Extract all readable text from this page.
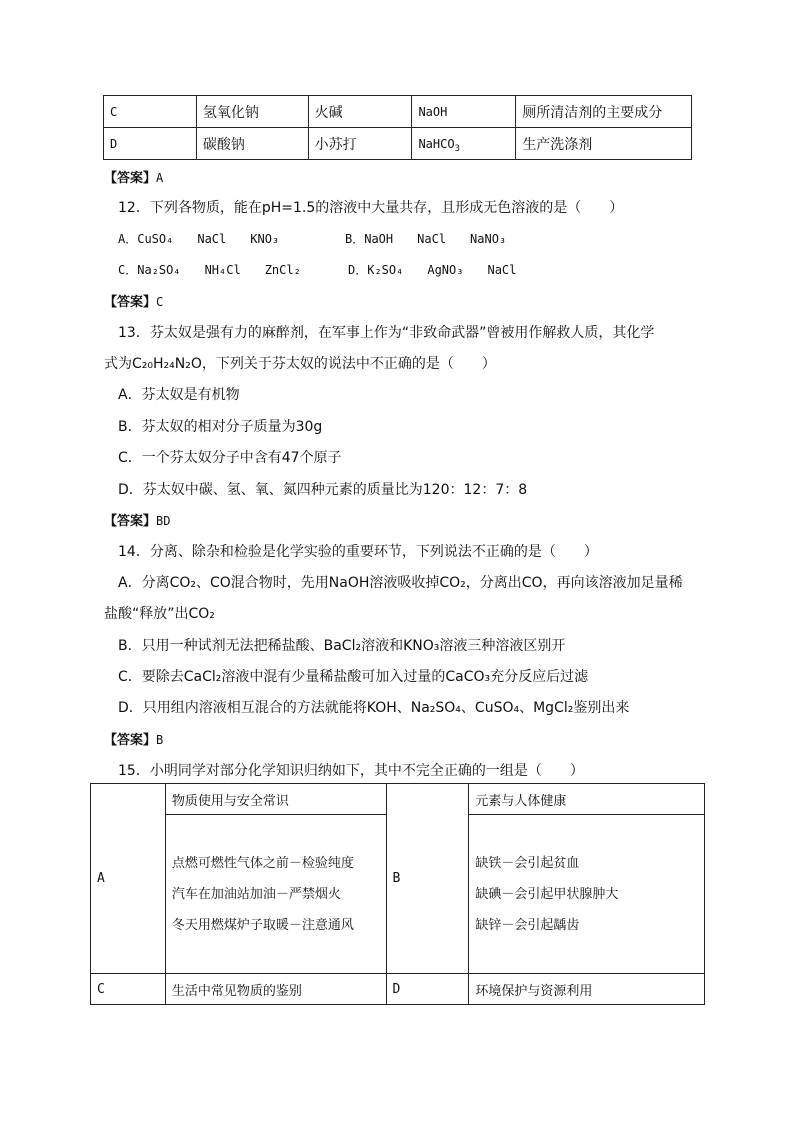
C	氢氧化钠	火碱	NaOH	厕所清洁剂的主要成分
D	碳酸钠	小苏打	NaHCO$_3$	生产洗涤剂
【答案】A
12．下列各物质，能在pH=1.5的溶液中大量共存，且形成无色溶液的是（　　）
A．CuSO₄　　NaCl　　KNO₃	B．NaOH　　NaCl　　NaNO₃
C．Na₂SO₄　　NH₄Cl　　ZnCl₂	D．K₂SO₄　　AgNO₃　　NaCl
【答案】C
13．芬太奴是强有力的麻醉剂，在军事上作为“非致命武器”曾被用作解救人质，其化学
式为C₂₀H₂₄N₂O，下列关于芬太奴的说法中不正确的是（　　）
A．芬太奴是有机物
B．芬太奴的相对分子质量为30g
C．一个芬太奴分子中含有47个原子
D．芬太奴中碳、氢、氧、氮四种元素的质量比为120：12：7：8
【答案】BD
14．分离、除杂和检验是化学实验的重要环节，下列说法不正确的是（　　）
A．分离CO₂、CO混合物时，先用NaOH溶液吸收掉CO₂，分离出CO，再向该溶液加足量稀
盐酸“释放”出CO₂
B．只用一种试剂无法把稀盐酸、BaCl₂溶液和KNO₃溶液三种溶液区别开
C．要除去CaCl₂溶液中混有少量稀盐酸可加入过量的CaCO₃充分反应后过滤
D．只用组内溶液相互混合的方法就能将KOH、Na₂SO₄、CuSO₄、MgCl₂鉴别出来
【答案】B
15．小明同学对部分化学知识归纳如下，其中不完全正确的一组是（　　）
A	物质使用与安全常识	B	元素与人体健康

	点燃可燃性气体之前－检验纯度
汽车在加油站加油－严禁烟火
冬天用燃煤炉子取暖－注意通风		缺铁－会引起贫血
缺碘－会引起甲状腺肿大
缺锌－会引起龋齿

C	生活中常见物质的鉴别	D	环境保护与资源利用
